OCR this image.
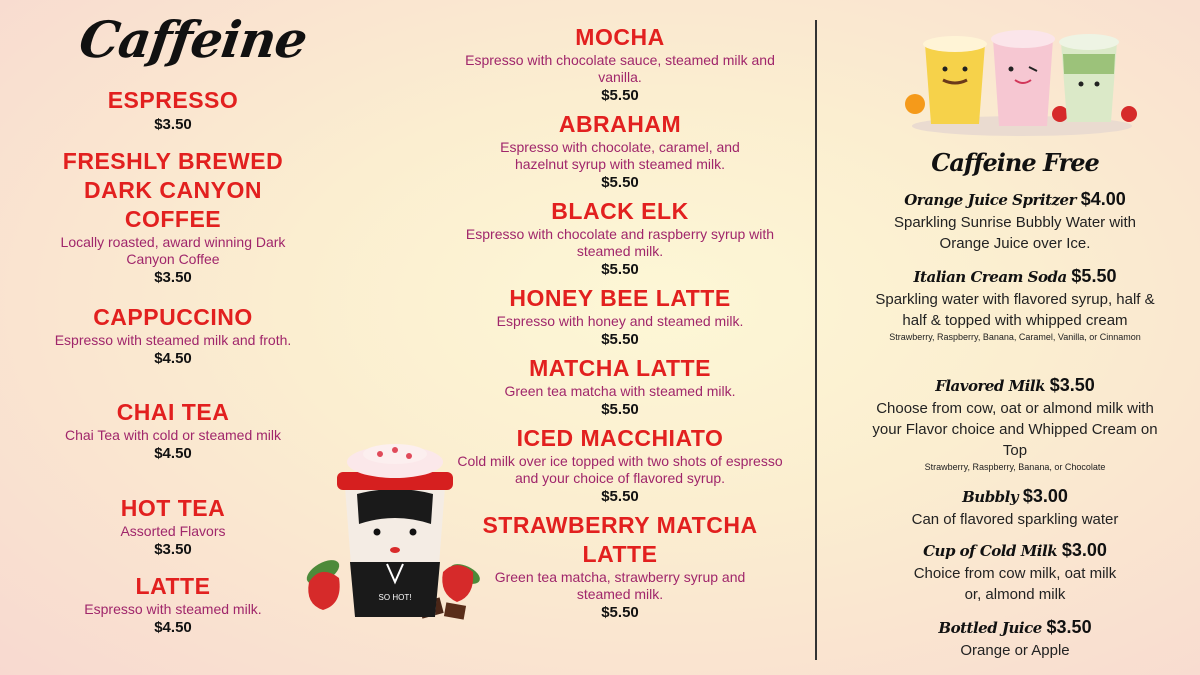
Caffeine
ESPRESSO
$3.50
FRESHLY BREWED DARK CANYON COFFEE
Locally roasted, award winning Dark Canyon Coffee
$3.50
CAPPUCCINO
Espresso with steamed milk and froth.
$4.50
CHAI TEA
Chai Tea with cold or steamed milk
$4.50
HOT TEA
Assorted Flavors
$3.50
LATTE
Espresso with steamed milk.
$4.50
MOCHA
Espresso with chocolate sauce, steamed milk and vanilla.
$5.50
ABRAHAM
Espresso with chocolate, caramel, and hazelnut syrup with steamed milk.
$5.50
BLACK ELK
Espresso with chocolate and raspberry syrup with steamed milk.
$5.50
HONEY BEE LATTE
Espresso with honey and steamed milk.
$5.50
MATCHA LATTE
Green tea matcha with steamed milk.
$5.50
ICED MACCHIATO
Cold milk over ice topped with two shots of espresso and your choice of flavored syrup.
$5.50
STRAWBERRY MATCHA LATTE
Green tea matcha, strawberry syrup and steamed milk.
$5.50
SO HOT!
Caffeine Free
Orange Juice Spritzer $4.00
Sparkling Sunrise Bubbly Water with Orange Juice over Ice.
Italian Cream Soda $5.50
Sparkling water with flavored syrup, half & half & topped with whipped cream
Strawberry, Raspberry, Banana, Caramel, Vanilla, or Cinnamon
Flavored Milk $3.50
Choose from cow, oat or almond milk with your Flavor choice and Whipped Cream on Top
Strawberry, Raspberry, Banana, or Chocolate
Bubbly $3.00
Can of flavored sparkling water
Cup of Cold Milk $3.00
Choice from cow milk, oat milk or, almond milk
Bottled Juice $3.50
Orange or Apple
